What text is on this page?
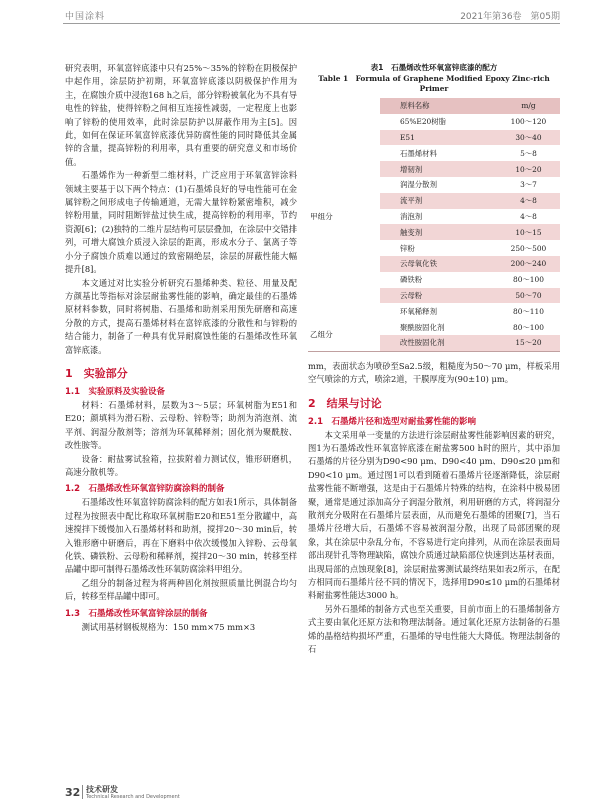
中国涂料	2021年第36卷　第05期

研究表明，环氧富锌底漆中只有25%～35%的锌粉在阴极保护中起作用，涂层防护初期，环氧富锌底漆以阴极保护作用为主，在腐蚀介质中浸泡168 h之后，部分锌粉被氧化为不具有导电性的锌盐，使得锌粉之间相互连接性减弱，一定程度上也影响了锌粉的使用效率，此时涂层防护以屏蔽作用为主[5]。因此，如何在保证环氧富锌底漆优异防腐性能的同时降低其金属锌的含量，提高锌粉的利用率，具有重要的研究意义和市场价值。

石墨烯作为一种新型二维材料，广泛应用于环氧富锌涂料领域主要基于以下两个特点：(1)石墨烯良好的导电性能可在金属锌粉之间形成电子传输通道，无需大量锌粉紧密堆积，减少锌粉用量，同时阻断锌盐过快生成，提高锌粉的利用率，节约资源[6]；(2)独特的二维片层结构可层层叠加，在涂层中交错排列，可增大腐蚀介质浸入涂层的距离，形成水分子、氯离子等小分子腐蚀介质难以通过的致密隔绝层，涂层的屏蔽性能大幅提升[8]。

本文通过对比实验分析研究石墨烯种类、粒径、用量及配方颜基比等指标对涂层耐盐雾性能的影响，确定最佳的石墨烯原材料参数，同时将树脂、石墨烯和助剂采用预先研磨和高速分散的方式，提高石墨烯材料在富锌底漆的分散性和与锌粉的结合能力，制备了一种具有优异耐腐蚀性能的石墨烯改性环氧富锌底漆。

1　实验部分
1.1　实验原料及实验设备

材料：石墨烯材料，层数为3～5层；环氧树脂为E51和E20；颜填料为滑石粉、云母粉、锌粉等；助剂为消泡剂、流平剂、润湿分散剂等；溶剂为环氧稀释剂；固化剂为聚酰胺、改性胺等。

设备：耐盐雾试验箱，拉拔附着力测试仪，锥形研磨机，高速分散机等。

1.2　石墨烯改性环氧富锌防腐涂料的制备

石墨烯改性环氧富锌防腐涂料的配方如表1所示，具体制备过程为按照表中配比称取环氧树脂E20和E51至分散罐中，高速搅拌下缓慢加入石墨烯材料和助剂，搅拌20～30 min后，转入锥形磨中研磨后，再在下磨料中依次缓慢加入锌粉、云母氧化铁、磷铁粉、云母粉和稀释剂，搅拌20～30 min，转移至样品罐中即可制得石墨烯改性环氧防腐涂料甲组分。

乙组分的制备过程为将两种固化剂按照质量比例混合均匀后，转移至样品罐中即可。

1.3　石墨烯改性环氧富锌涂层的制备

测试用基材钢板规格为：150 mm×75 mm×3

表1　石墨烯改性环氧富锌底漆的配方

Table 1　Formula of Graphene Modified Epoxy Zinc-rich Primer

	原料名称	m/g
甲组分	65%E20树脂	100～120
	E51	30～40
	石墨烯材料	5～8
	增韧剂	10～20
	润湿分散剂	3～7
	流平剂	4～8
	消泡剂	4～8
	触变剂	10～15
	锌粉	250～500
	云母氧化铁	200～240
	磷铁粉	80～100
	云母粉	50～70
	环氧稀释剂	80～110
乙组分	聚酰胺固化剂	80～100
	改性胺固化剂	15～20

mm，表面状态为喷砂至Sa2.5级，粗糙度为50～70 μm，样板采用空气喷涂的方式，喷涂2道，干膜厚度为(90±10) μm。

2　结果与讨论
2.1　石墨烯片径和选型对耐盐雾性能的影响

本文采用单一变量的方法进行涂层耐盐雾性能影响因素的研究，图1为石墨烯改性环氧富锌底漆在耐盐雾500 h时的照片，其中添加石墨烯的片径分别为D90<90 μm、D90<40 μm、D90≤20 μm和D90<10 μm。通过图1可以看到随着石墨烯片径逐渐降低，涂层耐盐雾性能不断增强，这是由于石墨烯片特殊的结构，在涂料中极易团聚，通常是通过添加高分子润湿分散剂，利用研磨的方式，将润湿分散剂充分吸附在石墨烯片层表面，从而避免石墨烯的团聚[7]，当石墨烯片径增大后，石墨烯不容易被润湿分散，出现了局部团聚的现象，其在涂层中杂乱分布，不容易进行定向排列，从而在涂层表面局部出现针孔等物理缺陷，腐蚀介质通过缺陷部位快速到达基材表面，出现局部的点蚀现象[8]，涂层耐盐雾测试最终结果如表2所示，在配方相同而石墨烯片径不同的情况下，选择用D90≤10 μm的石墨烯材料耐盐雾性能达3000 h。

另外石墨烯的制备方式也至关重要，目前市面上的石墨烯制备方式主要由氧化还原方法和物理法制备。通过氧化还原方法制备的石墨烯的晶格结构损坏严重，石墨烯的导电性能大大降低。物理法制备的石

32 技术研发
Technical Research and Development
